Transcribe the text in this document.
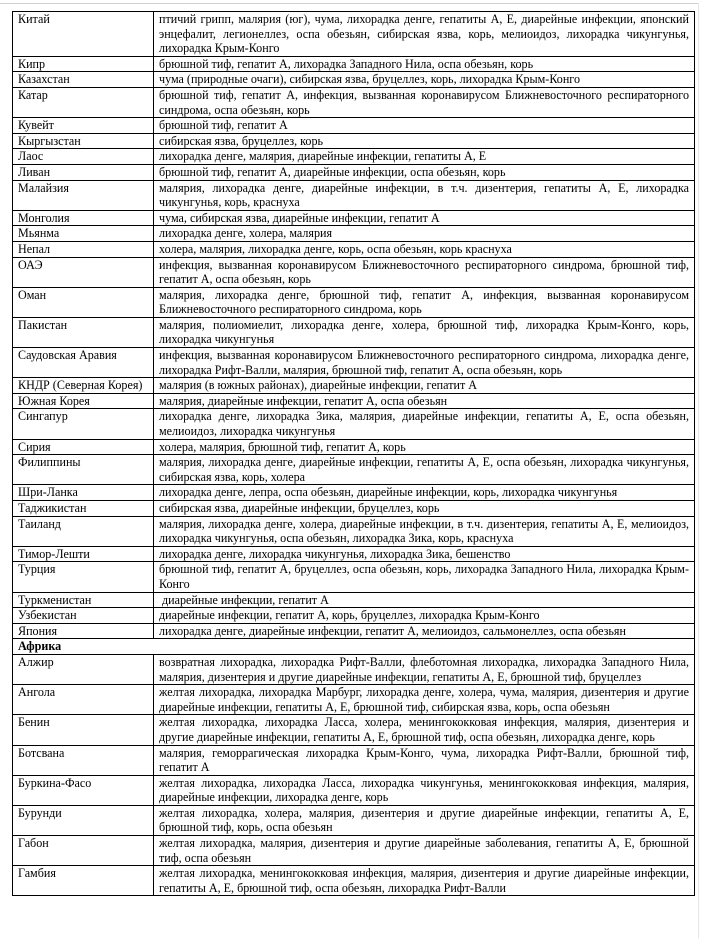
Китай	птичий грипп, малярия (юг), чума, лихорадка денге, гепатиты А, Е, диарейные инфекции, японский энцефалит, легионеллез, оспа обезьян, сибирская язва, корь, мелиоидоз, лихорадка чикунгунья, лихорадка Крым-Конго
Кипр	брюшной тиф, гепатит А, лихорадка Западного Нила, оспа обезьян, корь
Казахстан	чума (природные очаги), сибирская язва, бруцеллез, корь, лихорадка Крым-Конго
Катар	брюшной тиф, гепатит А, инфекция, вызванная коронавирусом Ближневосточного респираторного синдрома, оспа обезьян, корь
Кувейт	брюшной тиф, гепатит А
Кыргызстан	сибирская язва, бруцеллез, корь
Лаос	лихорадка денге, малярия, диарейные инфекции, гепатиты А, Е
Ливан	брюшной тиф, гепатит А, диарейные инфекции, оспа обезьян, корь
Малайзия	малярия, лихорадка денге, диарейные инфекции, в т.ч. дизентерия, гепатиты А, Е, лихорадка чикунгунья, корь, краснуха
Монголия	чума, сибирская язва, диарейные инфекции, гепатит А
Мьянма	лихорадка денге, холера, малярия
Непал	холера, малярия, лихорадка денге, корь, оспа обезьян, корь краснуха
ОАЭ	инфекция, вызванная коронавирусом Ближневосточного респираторного синдрома, брюшной тиф, гепатит А, оспа обезьян, корь
Оман	малярия, лихорадка денге, брюшной тиф, гепатит А, инфекция, вызванная коронавирусом Ближневосточного респираторного синдрома, корь
Пакистан	малярия, полиомиелит, лихорадка денге, холера, брюшной тиф, лихорадка Крым-Конго, корь, лихорадка чикунгунья
Саудовская Аравия	инфекция, вызванная коронавирусом Ближневосточного респираторного синдрома, лихорадка денге, лихорадка Рифт-Валли, малярия, брюшной тиф, гепатит А, оспа обезьян, корь
КНДР (Северная Корея)	малярия (в южных районах), диарейные инфекции, гепатит А
Южная Корея	малярия, диарейные инфекции, гепатит А, оспа обезьян
Сингапур	лихорадка денге, лихорадка Зика, малярия, диарейные инфекции, гепатиты А, Е, оспа обезьян, мелиоидоз, лихорадка чикунгунья
Сирия	холера, малярия, брюшной тиф, гепатит А, корь
Филиппины	малярия, лихорадка денге, диарейные инфекции, гепатиты А, Е, оспа обезьян, лихорадка чикунгунья, сибирская язва, корь, холера
Шри-Ланка	лихорадка денге, лепра, оспа обезьян, диарейные инфекции, корь, лихорадка чикунгунья
Таджикистан	сибирская язва, диарейные инфекции, бруцеллез, корь
Таиланд	малярия, лихорадка денге, холера, диарейные инфекции, в т.ч. дизентерия, гепатиты А, Е, мелиоидоз, лихорадка чикунгунья, оспа обезьян, лихорадка Зика, корь, краснуха
Тимор-Лешти	лихорадка денге, лихорадка чикунгунья, лихорадка Зика, бешенство
Турция	брюшной тиф, гепатит А, бруцеллез, оспа обезьян, корь, лихорадка Западного Нила, лихорадка Крым-Конго
Туркменистан	диарейные инфекции, гепатит А
Узбекистан	диарейные инфекции, гепатит А, корь, бруцеллез, лихорадка Крым-Конго
Япония	лихорадка денге, диарейные инфекции, гепатит А, мелиоидоз, сальмонеллез, оспа обезьян
Африка	
Алжир	возвратная лихорадка, лихорадка Рифт-Валли, флеботомная лихорадка, лихорадка Западного Нила, малярия, дизентерия и другие диарейные инфекции, гепатиты А, Е, брюшной тиф, бруцеллез
Ангола	желтая лихорадка, лихорадка Марбург, лихорадка денге, холера, чума, малярия, дизентерия и другие диарейные инфекции, гепатиты А, Е, брюшной тиф, сибирская язва, корь, оспа обезьян
Бенин	желтая лихорадка, лихорадка Ласса, холера, менингококковая инфекция, малярия, дизентерия и другие диарейные инфекции, гепатиты А, Е, брюшной тиф, оспа обезьян, лихорадка денге, корь
Ботсвана	малярия, геморрагическая лихорадка Крым-Конго, чума, лихорадка Рифт-Валли, брюшной тиф, гепатит А
Буркина-Фасо	желтая лихорадка, лихорадка Ласса, лихорадка чикунгунья, менингококковая инфекция, малярия, диарейные инфекции, лихорадка денге, корь
Бурунди	желтая лихорадка, холера, малярия, дизентерия и другие диарейные инфекции, гепатиты А, Е, брюшной тиф, корь, оспа обезьян
Габон	желтая лихорадка, малярия, дизентерия и другие диарейные заболевания, гепатиты А, Е, брюшной тиф, оспа обезьян
Гамбия	желтая лихорадка, менингококковая инфекция, малярия, дизентерия и другие диарейные инфекции, гепатиты А, Е, брюшной тиф, оспа обезьян, лихорадка Рифт-Валли
